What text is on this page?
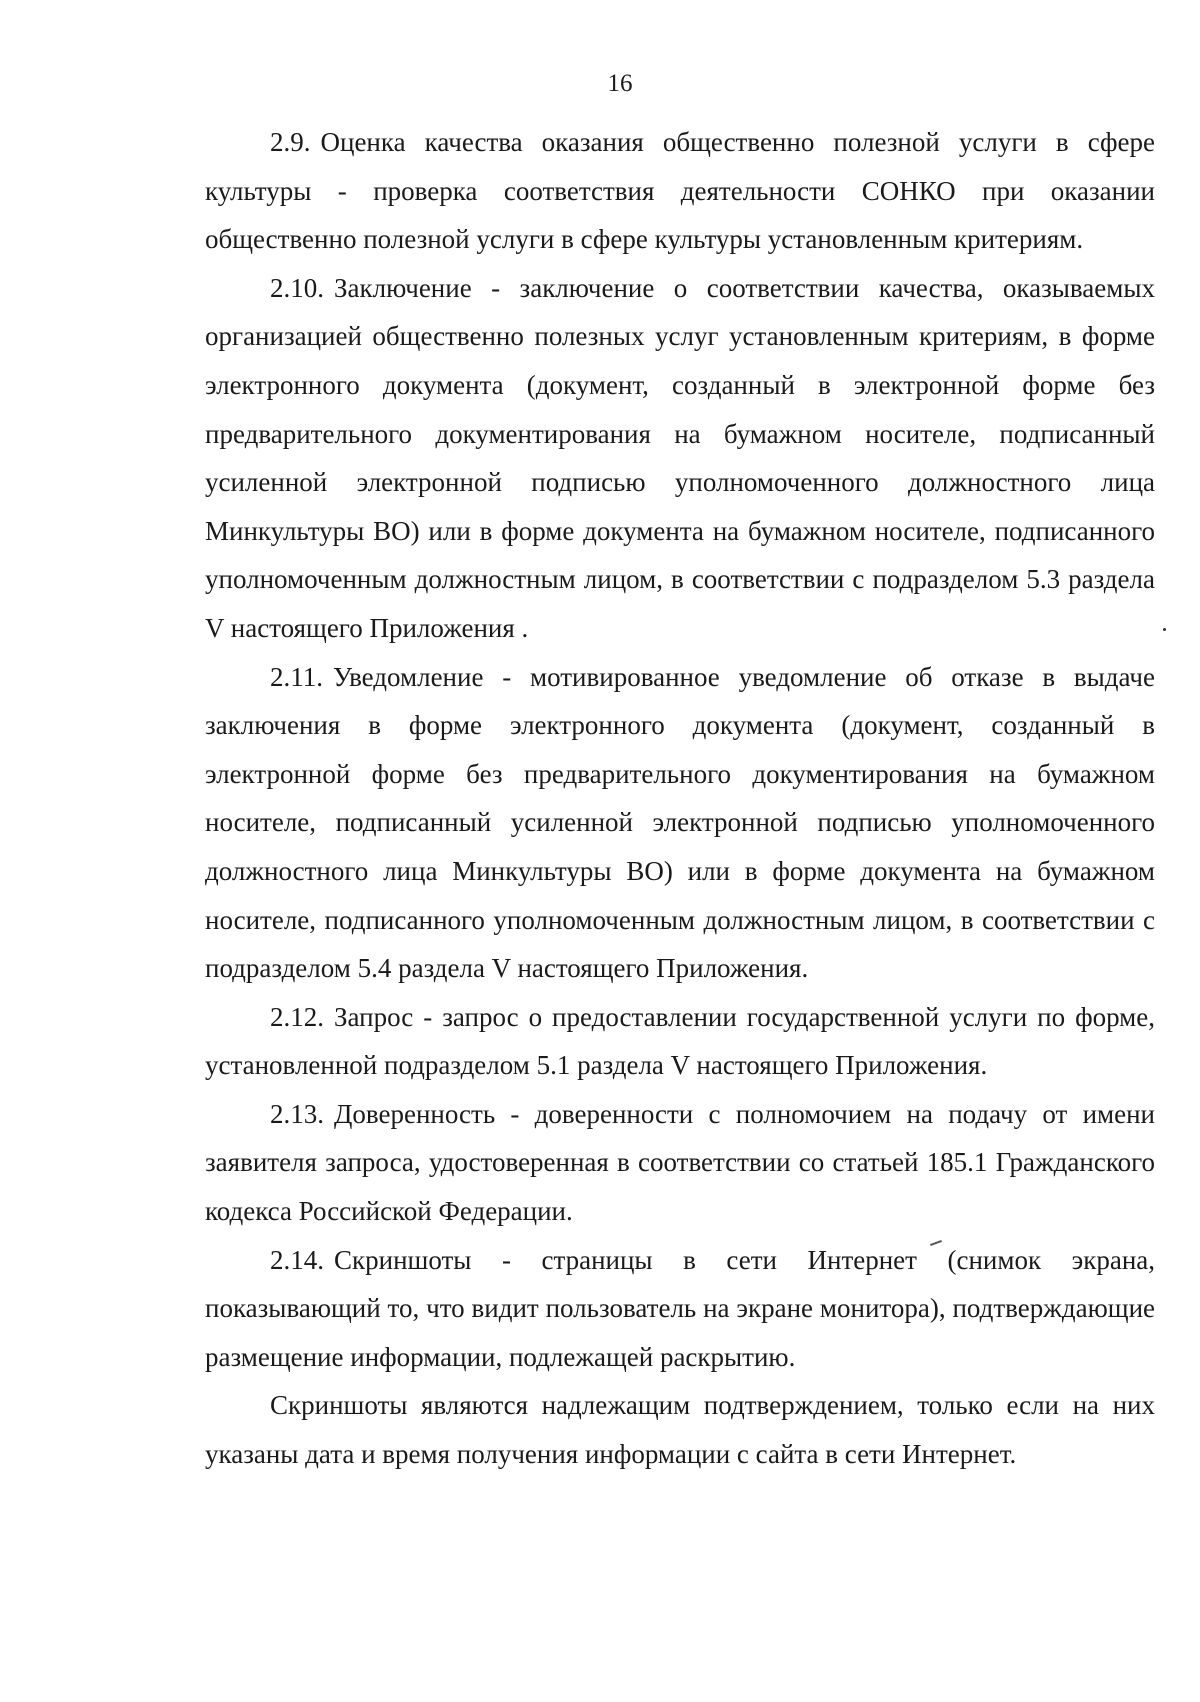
16

2.9. Оценка качества оказания общественно полезной услуги в сфере культуры - проверка соответствия деятельности СОНКО при оказании общественно полезной услуги в сфере культуры установленным критериям.

2.10. Заключение - заключение о соответствии качества, оказываемых организацией общественно полезных услуг установленным критериям, в форме электронного документа (документ, созданный в электронной форме без предварительного документирования на бумажном носителе, подписанный усиленной электронной подписью уполномоченного должностного лица Минкультуры ВО) или в форме документа на бумажном носителе, подписанного уполномоченным должностным лицом, в соответствии с подразделом 5.3 раздела V настоящего Приложения .

2.11. Уведомление - мотивированное уведомление об отказе в выдаче заключения в форме электронного документа (документ, созданный в электронной форме без предварительного документирования на бумажном носителе, подписанный усиленной электронной подписью уполномоченного должностного лица Минкультуры ВО) или в форме документа на бумажном носителе, подписанного уполномоченным должностным лицом, в соответствии с подразделом 5.4 раздела V настоящего Приложения.

2.12. Запрос - запрос о предоставлении государственной услуги по форме, установленной подразделом 5.1 раздела V настоящего Приложения.

2.13. Доверенность - доверенности с полномочием на подачу от имени заявителя запроса, удостоверенная в соответствии со статьей 185.1 Гражданского кодекса Российской Федерации.

2.14. Скриншоты - страницы в сети Интернет (снимок экрана, показывающий то, что видит пользователь на экране монитора), подтверждающие размещение информации, подлежащей раскрытию.

Скриншоты являются надлежащим подтверждением, только если на них указаны дата и время получения информации с сайта в сети Интернет.
